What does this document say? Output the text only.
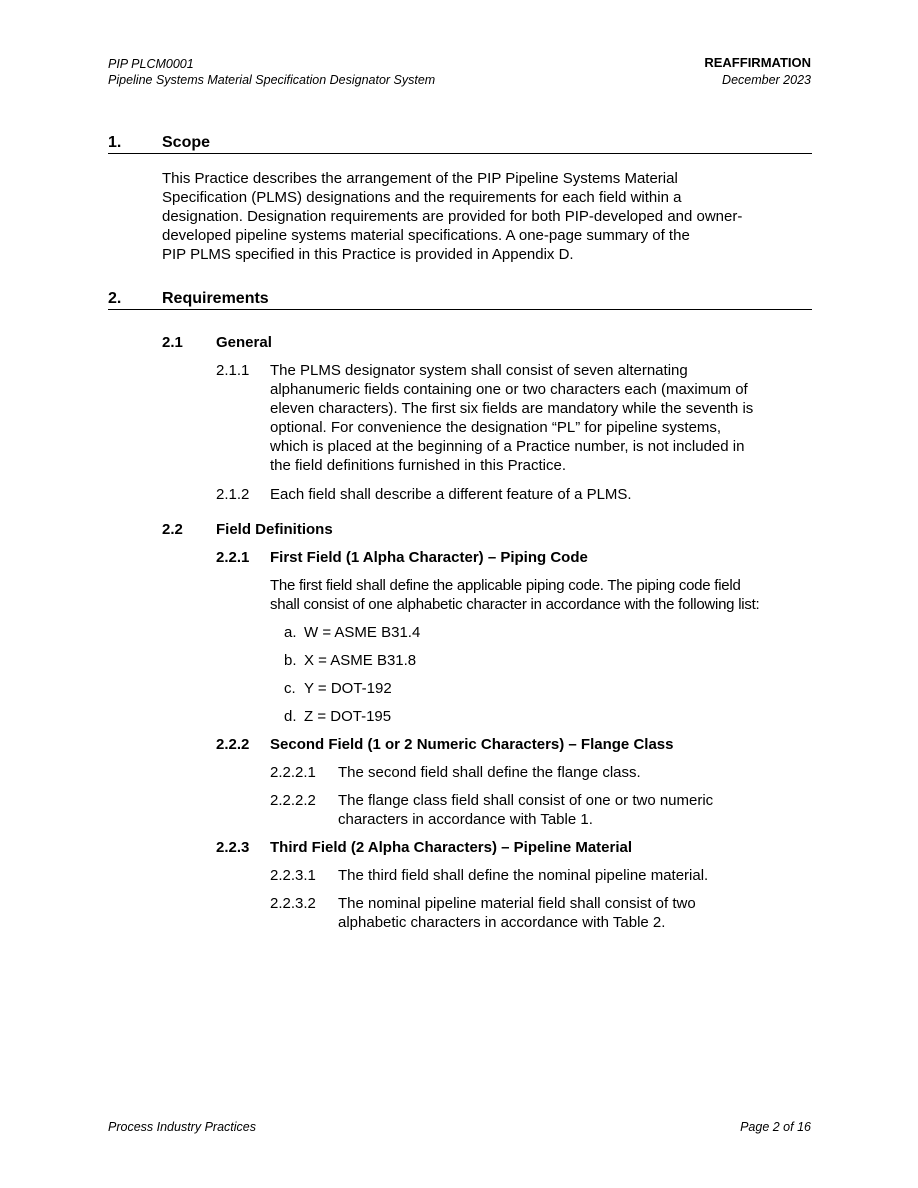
PIP PLCM0001
Pipeline Systems Material Specification Designator System
REAFFIRMATION
December 2023
1.	Scope
This Practice describes the arrangement of the PIP Pipeline Systems Material
Specification (PLMS) designations and the requirements for each field within a
designation. Designation requirements are provided for both PIP-developed and owner-
developed pipeline systems material specifications. A one-page summary of the
PIP PLMS specified in this Practice is provided in Appendix D.
2.	Requirements
2.1 General
2.1.1 The PLMS designator system shall consist of seven alternating
alphanumeric fields containing one or two characters each (maximum of
eleven characters). The first six fields are mandatory while the seventh is
optional. For convenience the designation “PL” for pipeline systems,
which is placed at the beginning of a Practice number, is not included in
the field definitions furnished in this Practice.
2.1.2 Each field shall describe a different feature of a PLMS.
2.2 Field Definitions
2.2.1 First Field (1 Alpha Character) – Piping Code
The first field shall define the applicable piping code. The piping code field
shall consist of one alphabetic character in accordance with the following list:
a. W = ASME B31.4
b. X = ASME B31.8
c. Y = DOT-192
d. Z = DOT-195
2.2.2 Second Field (1 or 2 Numeric Characters) – Flange Class
2.2.2.1 The second field shall define the flange class.
2.2.2.2 The flange class field shall consist of one or two numeric
characters in accordance with Table 1.
2.2.3 Third Field (2 Alpha Characters) – Pipeline Material
2.2.3.1 The third field shall define the nominal pipeline material.
2.2.3.2 The nominal pipeline material field shall consist of two
alphabetic characters in accordance with Table 2.
Process Industry Practices	Page 2 of 16
